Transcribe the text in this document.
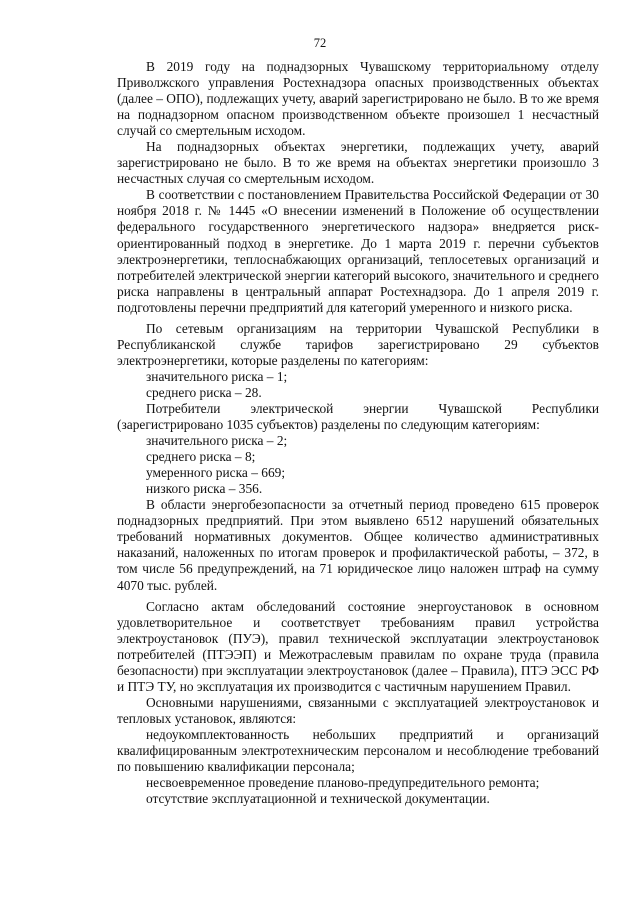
72

В 2019 году на поднадзорных Чувашскому территориальному отделу Приволжского управления Ростехнадзора опасных производственных объектах (далее – ОПО), подлежащих учету, аварий зарегистрировано не было. В то же время на поднадзорном опасном производственном объекте произошел 1 несчастный случай со смертельным исходом.

На поднадзорных объектах энергетики, подлежащих учету, аварий зарегистрировано не было. В то же время на объектах энергетики произошло 3 несчастных случая со смертельным исходом.

В соответствии с постановлением Правительства Российской Федерации от 30 ноября 2018 г. № 1445 «О внесении изменений в Положение об осуществлении федерального государственного энергетического надзора» внедряется риск-ориентированный подход в энергетике. До 1 марта 2019 г. перечни субъектов электроэнергетики, теплоснабжающих организаций, теплосетевых организаций и потребителей электрической энергии категорий высокого, значительного и среднего риска направлены в центральный аппарат Ростехнадзора. До 1 апреля 2019 г. подготовлены перечни предприятий для категорий умеренного и низкого риска.

По сетевым организациям на территории Чувашской Республики в Республиканской службе тарифов зарегистрировано 29 субъектов электроэнергетики, которые разделены по категориям:

значительного риска – 1;

среднего риска – 28.

Потребители электрической энергии Чувашской Республики (зарегистрировано 1035 субъектов) разделены по следующим категориям:

значительного риска – 2;

среднего риска – 8;

умеренного риска – 669;

низкого риска – 356.

В области энергобезопасности за отчетный период проведено 615 проверок поднадзорных предприятий. При этом выявлено 6512 нарушений обязательных требований нормативных документов. Общее количество административных наказаний, наложенных по итогам проверок и профилактической работы, – 372, в том числе 56 предупреждений, на 71 юридическое лицо наложен штраф на сумму 4070 тыс. рублей.

Согласно актам обследований состояние энергоустановок в основном удовлетворительное и соответствует требованиям правил устройства электроустановок (ПУЭ), правил технической эксплуатации электроустановок потребителей (ПТЭЭП) и Межотраслевым правилам по охране труда (правила безопасности) при эксплуатации электроустановок (далее – Правила), ПТЭ ЭСС РФ и ПТЭ ТУ, но эксплуатация их производится с частичным нарушением Правил.

Основными нарушениями, связанными с эксплуатацией электроустановок и тепловых установок, являются:

недоукомплектованность небольших предприятий и организаций квалифицированным электротехническим персоналом и несоблюдение требований по повышению квалификации персонала;

несвоевременное проведение планово-предупредительного ремонта;

отсутствие эксплуатационной и технической документации.
